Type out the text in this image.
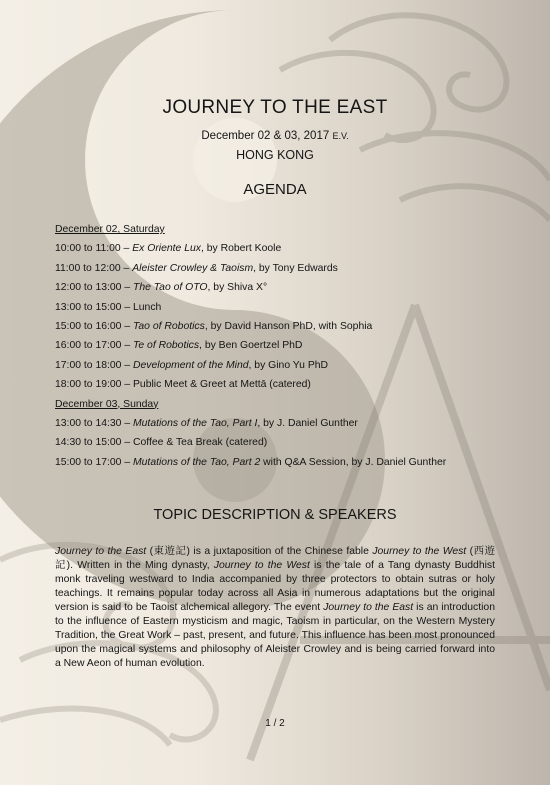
JOURNEY TO THE EAST
December 02 & 03, 2017 E.V.
HONG KONG
AGENDA
December 02, Saturday
10:00 to 11:00 – Ex Oriente Lux, by Robert Koole
11:00 to 12:00 – Aleister Crowley & Taoism, by Tony Edwards
12:00 to 13:00 – The Tao of OTO, by Shiva X°
13:00 to 15:00 – Lunch
15:00 to 16:00 – Tao of Robotics, by David Hanson PhD, with Sophia
16:00 to 17:00 – Te of Robotics, by Ben Goertzel PhD
17:00 to 18:00 – Development of the Mind, by Gino Yu PhD
18:00 to 19:00 – Public Meet & Greet at Mettā (catered)
December 03, Sunday
13:00 to 14:30 – Mutations of the Tao, Part I, by J. Daniel Gunther
14:30 to 15:00 – Coffee & Tea Break (catered)
15:00 to 17:00 – Mutations of the Tao, Part 2 with Q&A Session, by J. Daniel Gunther
TOPIC DESCRIPTION & SPEAKERS

Journey to the East (東遊記) is a juxtaposition of the Chinese fable Journey to the West (西遊記). Written in the Ming dynasty, Journey to the West is the tale of a Tang dynasty Buddhist monk traveling westward to India accompanied by three protectors to obtain sutras or holy teachings. It remains popular today across all Asia in numerous adaptations but the original version is said to be Taoist alchemical allegory. The event Journey to the East is an introduction to the influence of Eastern mysticism and magic, Taoism in particular, on the Western Mystery Tradition, the Great Work – past, present, and future. This influence has been most pronounced upon the magical systems and philosophy of Aleister Crowley and is being carried forward into a New Aeon of human evolution.

1 / 2
